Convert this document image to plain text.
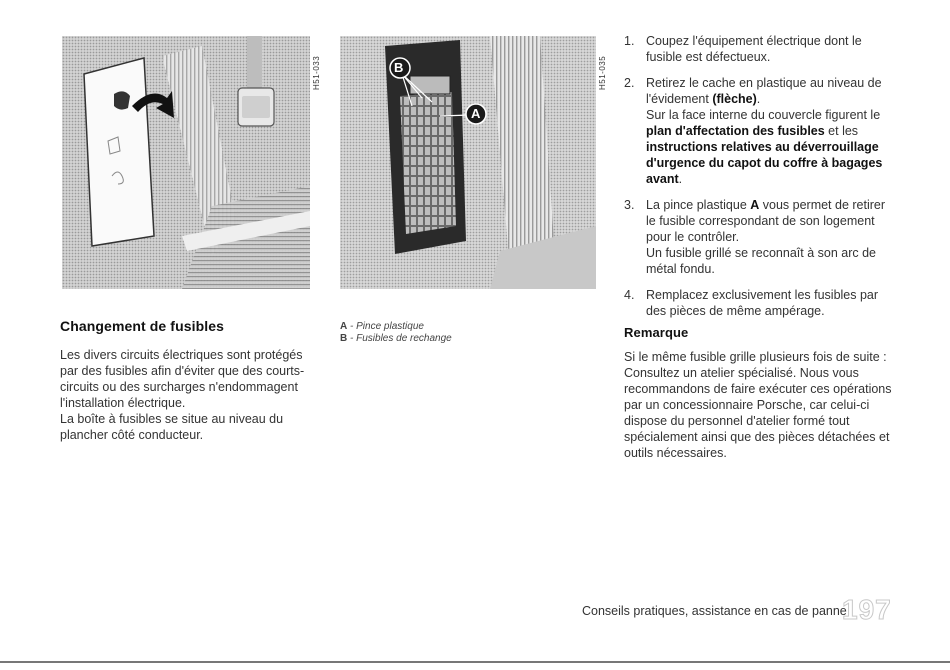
H51-033	B
A
H51-035
Changement de fusibles

Les divers circuits électriques sont protégés par des fusibles afin d'éviter que des courts-circuits ou des surcharges n'endommagent l'installation électrique.

La boîte à fusibles se situe au niveau du plancher côté conducteur.

A - Pince plastique
B - Fusibles de rechange
1. Coupez l'équipement électrique dont le fusible est défectueux.

2. Retirez le cache en plastique au niveau de l'évidement (flèche).

Sur la face interne du couvercle figurent le plan d'affectation des fusibles et les instructions relatives au déverrouillage d'urgence du capot du coffre à bagages avant.

3. La pince plastique A vous permet de retirer le fusible correspondant de son logement pour le contrôler.

Un fusible grillé se reconnaît à son arc de métal fondu.

4. Remplacez exclusivement les fusibles par des pièces de même ampérage.

Remarque

Si le même fusible grille plusieurs fois de suite : Consultez un atelier spécialisé. Nous vous recommandons de faire exécuter ces opérations par un concessionnaire Porsche, car celui-ci dispose du personnel d'atelier formé tout spécialement ainsi que des pièces détachées et outils nécessaires.

Conseils pratiques, assistance en cas de panne
197
